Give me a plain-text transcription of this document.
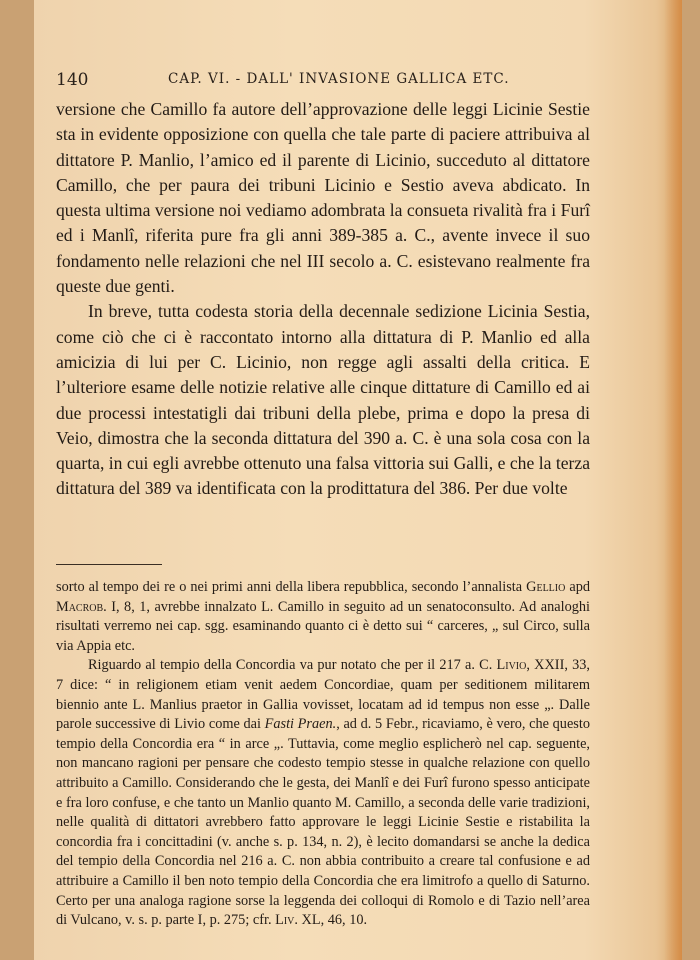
140	CAP. VI. - DALL' INVASIONE GALLICA ETC.

versione che Camillo fa autore dell’approvazione delle leggi Licinie Sestie sta in evidente opposizione con quella che tale parte di paciere attribuiva al dittatore P. Manlio, l’amico ed il parente di Licinio, succeduto al dittatore Camillo, che per paura dei tribuni Licinio e Sestio aveva abdicato. In questa ultima versione noi vediamo adombrata la consueta rivalità fra i Furî ed i Manlî, riferita pure fra gli anni 389-385 a. C., avente invece il suo fondamento nelle relazioni che nel III secolo a. C. esistevano realmente fra queste due genti.

In breve, tutta codesta storia della decennale sedizione Licinia Sestia, come ciò che ci è raccontato intorno alla dittatura di P. Manlio ed alla amicizia di lui per C. Licinio, non regge agli assalti della critica. E l’ulteriore esame delle notizie relative alle cinque dittature di Camillo ed ai due processi intestatigli dai tribuni della plebe, prima e dopo la presa di Veio, dimostra che la seconda dittatura del 390 a. C. è una sola cosa con la quarta, in cui egli avrebbe ottenuto una falsa vittoria sui Galli, e che la terza dittatura del 389 va identificata con la prodittatura del 386. Per due volte

sorto al tempo dei re o nei primi anni della libera repubblica, secondo l’annalista Gellio apd Macrob. I, 8, 1, avrebbe innalzato L. Camillo in seguito ad un senatoconsulto. Ad analoghi risultati verremo nei cap. sgg. esaminando quanto ci è detto sui “ carceres, „ sul Circo, sulla via Appia etc.

Riguardo al tempio della Concordia va pur notato che per il 217 a. C. Livio, XXII, 33, 7 dice: “ in religionem etiam venit aedem Concordiae, quam per seditionem militarem biennio ante L. Manlius praetor in Gallia vovisset, locatam ad id tempus non esse „. Dalle parole successive di Livio come dai Fasti Praen., ad d. 5 Febr., ricaviamo, è vero, che questo tempio della Concordia era “ in arce „. Tuttavia, come meglio esplicherò nel cap. seguente, non mancano ragioni per pensare che codesto tempio stesse in qualche relazione con quello attribuito a Camillo. Considerando che le gesta, dei Manlî e dei Furî furono spesso anticipate e fra loro confuse, e che tanto un Manlio quanto M. Camillo, a seconda delle varie tradizioni, nelle qualità di dittatori avrebbero fatto approvare le leggi Licinie Sestie e ristabilita la concordia fra i concittadini (v. anche s. p. 134, n. 2), è lecito domandarsi se anche la dedica del tempio della Concordia nel 216 a. C. non abbia contribuito a creare tal confusione e ad attribuire a Camillo il ben noto tempio della Concordia che era limitrofo a quello di Saturno. Certo per una analoga ragione sorse la leggenda dei colloqui di Romolo e di Tazio nell’area di Vulcano, v. s. p. parte I, p. 275; cfr. Liv. XL, 46, 10.
